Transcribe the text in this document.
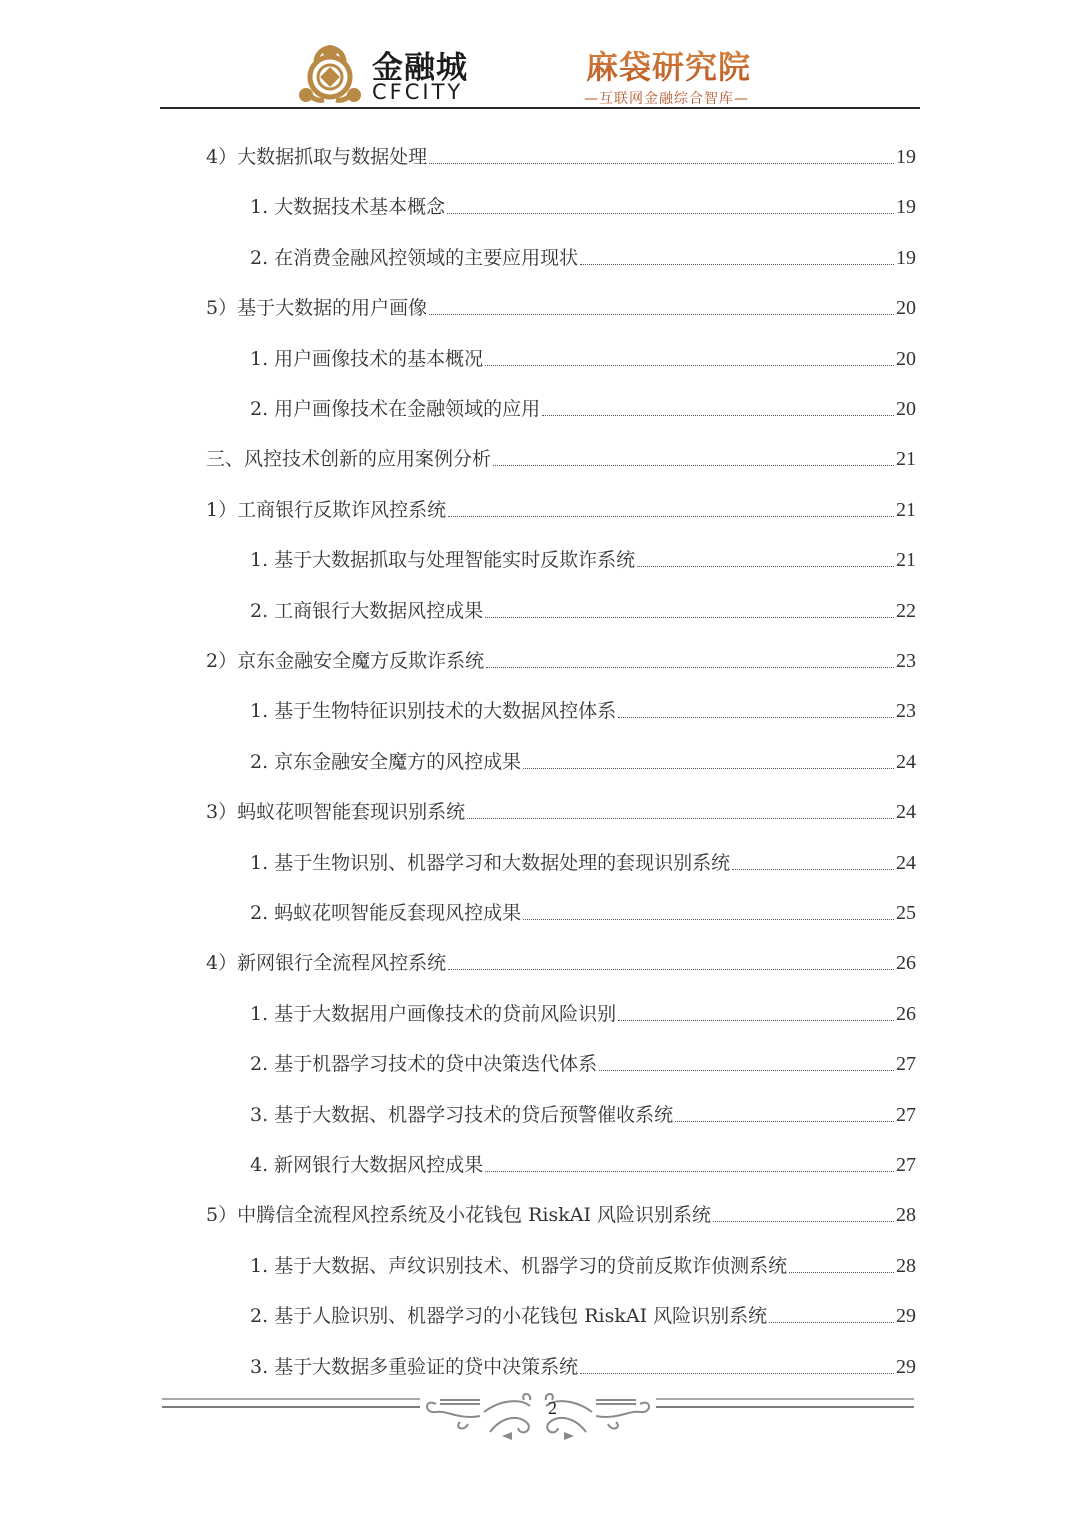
金融城
CFCITY
麻袋研究院
—互联网金融综合智库—
4）大数据抓取与数据处理	19
1. 大数据技术基本概念	19
2. 在消费金融风控领域的主要应用现状	19
5）基于大数据的用户画像	20
1. 用户画像技术的基本概况	20
2. 用户画像技术在金融领域的应用	20
三、风控技术创新的应用案例分析	21
1）工商银行反欺诈风控系统	21
1. 基于大数据抓取与处理智能实时反欺诈系统	21
2. 工商银行大数据风控成果	22
2）京东金融安全魔方反欺诈系统	23
1. 基于生物特征识别技术的大数据风控体系	23
2. 京东金融安全魔方的风控成果	24
3）蚂蚁花呗智能套现识别系统	24
1. 基于生物识别、机器学习和大数据处理的套现识别系统	24
2. 蚂蚁花呗智能反套现风控成果	25
4）新网银行全流程风控系统	26
1. 基于大数据用户画像技术的贷前风险识别	26
2. 基于机器学习技术的贷中决策迭代体系	27
3. 基于大数据、机器学习技术的贷后预警催收系统	27
4. 新网银行大数据风控成果	27
5）中腾信全流程风控系统及小花钱包 RiskAI 风险识别系统	28
1. 基于大数据、声纹识别技术、机器学习的贷前反欺诈侦测系统	28
2. 基于人脸识别、机器学习的小花钱包 RiskAI 风险识别系统	29
3. 基于大数据多重验证的贷中决策系统	29
2
